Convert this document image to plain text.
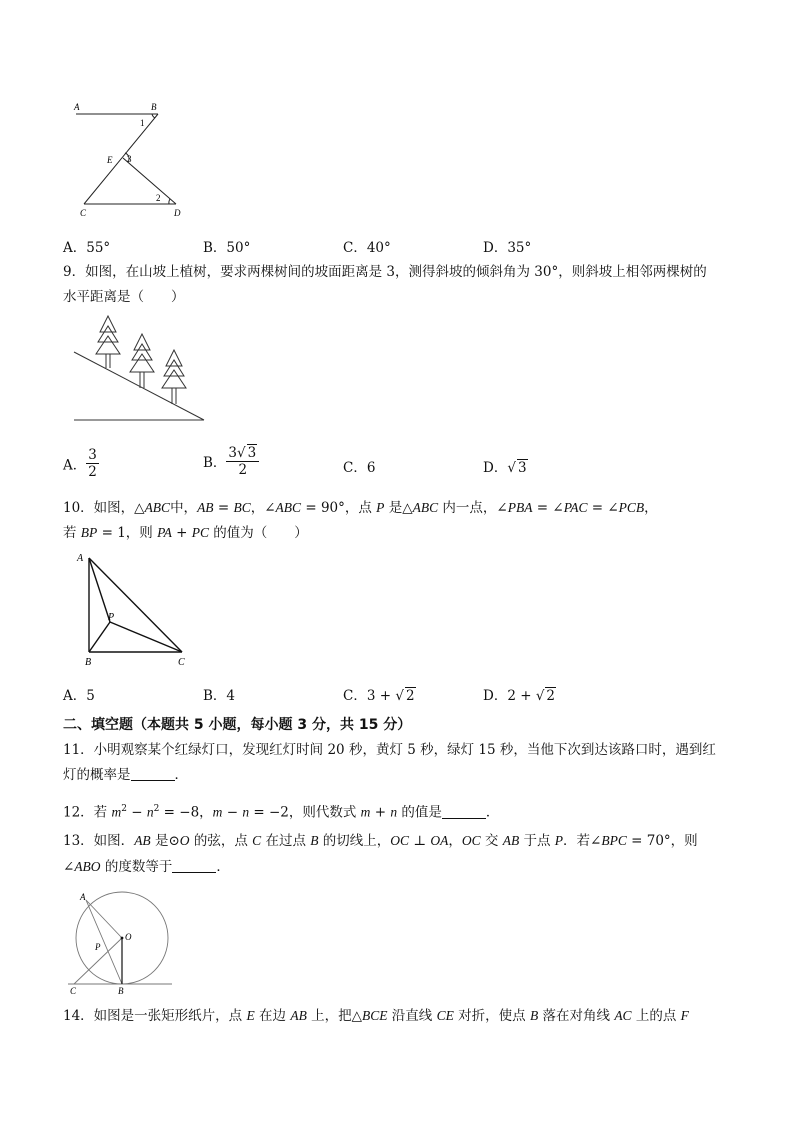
A	B
1
E 3
C
2
D
A．55°	B．50°	C．40°	D．35°
9．如图，在山坡上植树，要求两棵树间的坡面距离是 3，测得斜坡的倾斜角为 30°，则斜坡上相邻两棵树的
水平距离是（　　）
A． $\frac{3}{2}$	B． $\frac{3√ 3}{2}$	C．6	D．√ 3
10．如图，△ABC中，AB = BC，∠ABC = 90°，点 P 是△ABC 内一点，∠PBA = ∠PAC = ∠PCB，
若 BP = 1，则 PA + PC 的值为（　　）
A
P
B	C
A．5	B．4	C．3 + √ 2	D．2 + √ 2
二、填空题（本题共 5 小题，每小题 3 分，共 15 分）
11．小明观察某个红绿灯口，发现红灯时间 20 秒，黄灯 5 秒，绿灯 15 秒，当他下次到达该路口时，遇到红
灯的概率是	．
12．若 $m^2 - n^2 = -8$，m − n = −2，则代数式 m + n 的值是	．
13．如图．AB 是⊙O 的弦，点 C 在过点 B 的切线上，OC ⊥ OA，OC 交 AB 于点 P．若∠BPC = 70°，则
∠ABO 的度数等于	．
A
O
P
C	B
14．如图是一张矩形纸片，点 E 在边 AB 上，把△BCE 沿直线 CE 对折，使点 B 落在对角线 AC 上的点 F
